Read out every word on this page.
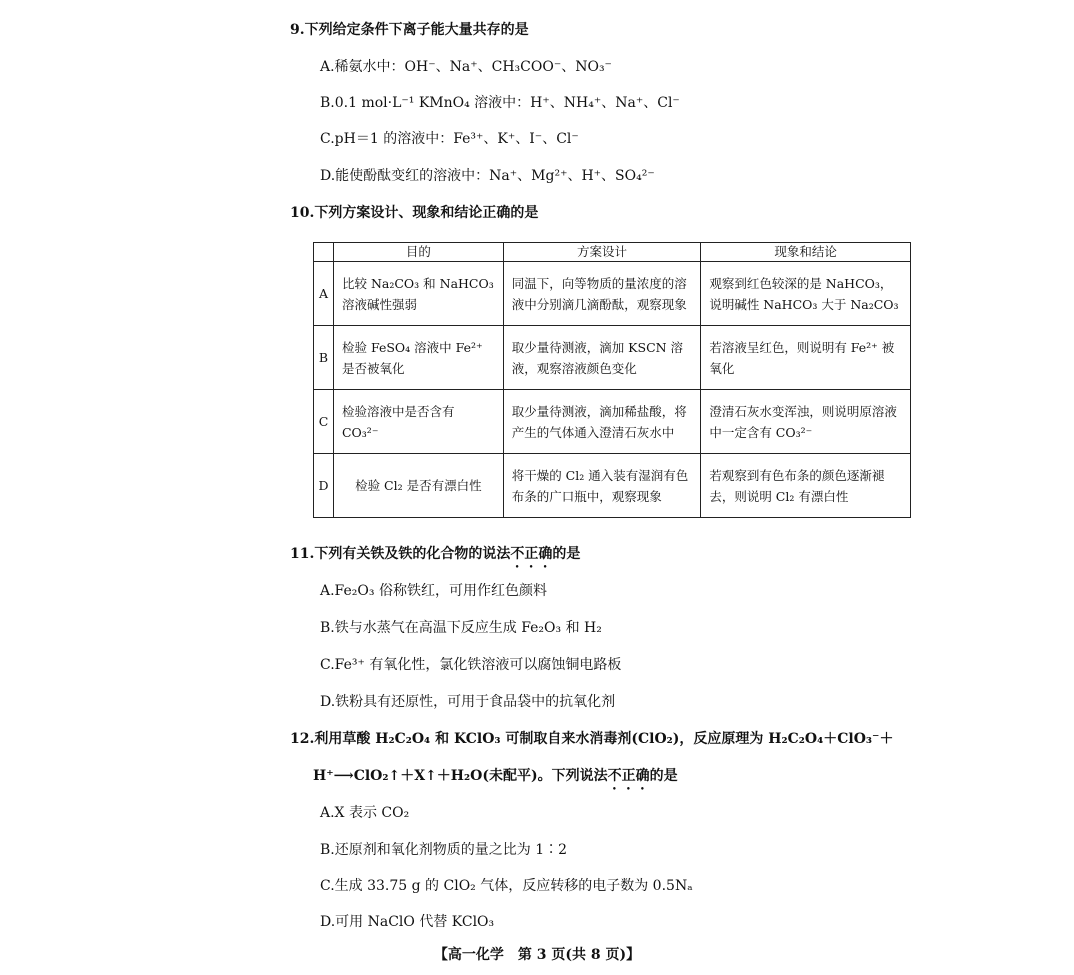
9.下列给定条件下离子能大量共存的是
A.稀氨水中：OH⁻、Na⁺、CH₃COO⁻、NO₃⁻
B.0.1 mol·L⁻¹ KMnO₄ 溶液中：H⁺、NH₄⁺、Na⁺、Cl⁻
C.pH＝1 的溶液中：Fe³⁺、K⁺、I⁻、Cl⁻
D.能使酚酞变红的溶液中：Na⁺、Mg²⁺、H⁺、SO₄²⁻
10.下列方案设计、现象和结论正确的是
	目的	方案设计	现象和结论
A	比较 Na₂CO₃ 和 NaHCO₃ 溶液碱性强弱	同温下，向等物质的量浓度的溶液中分别滴几滴酚酞，观察现象	观察到红色较深的是 NaHCO₃，说明碱性 NaHCO₃ 大于 Na₂CO₃
B	检验 FeSO₄ 溶液中 Fe²⁺ 是否被氧化	取少量待测液，滴加 KSCN 溶液，观察溶液颜色变化	若溶液呈红色，则说明有 Fe²⁺ 被氧化
C	检验溶液中是否含有 CO₃²⁻	取少量待测液，滴加稀盐酸，将产生的气体通入澄清石灰水中	澄清石灰水变浑浊，则说明原溶液中一定含有 CO₃²⁻
D	检验 Cl₂ 是否有漂白性	将干燥的 Cl₂ 通入装有湿润有色布条的广口瓶中，观察现象	若观察到有色布条的颜色逐渐褪去，则说明 Cl₂ 有漂白性
11.下列有关铁及铁的化合物的说法不正确的是
A.Fe₂O₃ 俗称铁红，可用作红色颜料
B.铁与水蒸气在高温下反应生成 Fe₂O₃ 和 H₂
C.Fe³⁺ 有氧化性，氯化铁溶液可以腐蚀铜电路板
D.铁粉具有还原性，可用于食品袋中的抗氧化剂
12.利用草酸 H₂C₂O₄ 和 KClO₃ 可制取自来水消毒剂(ClO₂)，反应原理为 H₂C₂O₄＋ClO₃⁻＋
H⁺⟶ClO₂↑＋X↑＋H₂O(未配平)。下列说法不正确的是
A.X 表示 CO₂
B.还原剂和氧化剂物质的量之比为 1∶2
C.生成 33.75 g 的 ClO₂ 气体，反应转移的电子数为 0.5Nₐ
D.可用 NaClO 代替 KClO₃
【高一化学　第 3 页(共 8 页)】
